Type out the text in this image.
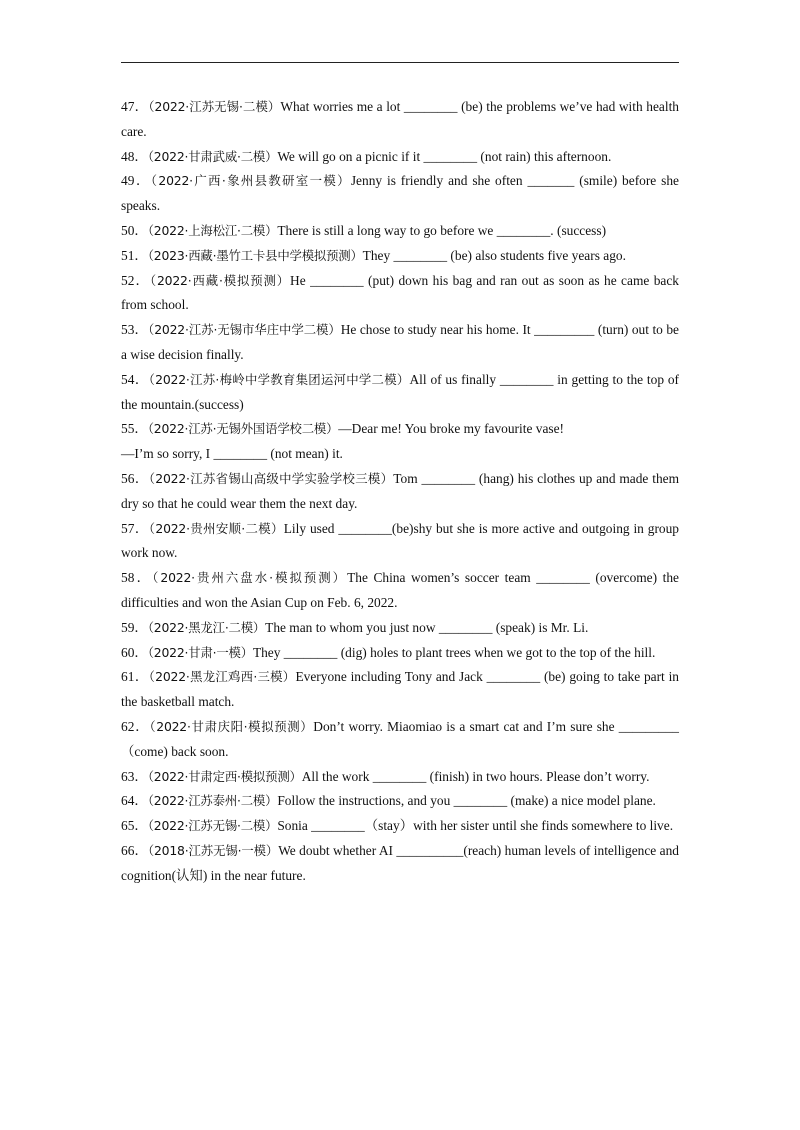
47．（2022·江苏无锡·二模）What worries me a lot ________ (be) the problems we’ve had with health care.

48．（2022·甘肃武威·二模）We will go on a picnic if it ________ (not rain) this afternoon.

49．（2022·广西·象州县教研室一模）Jenny is friendly and she often _______ (smile) before she speaks.

50．（2022·上海松江·二模）There is still a long way to go before we ________. (success)

51．（2023·西藏·墨竹工卡县中学模拟预测）They ________ (be) also students five years ago.

52．（2022·西藏·模拟预测）He ________ (put) down his bag and ran out as soon as he came back from school.

53．（2022·江苏·无锡市华庄中学二模）He chose to study near his home. It _________ (turn) out to be a wise decision finally.

54．（2022·江苏·梅岭中学教育集团运河中学二模）All of us finally ________ in getting to the top of the mountain.(success)

55．（2022·江苏·无锡外国语学校二模）—Dear me! You broke my favourite vase!
—I’m so sorry, I ________ (not mean) it.

56．（2022·江苏省锡山高级中学实验学校三模）Tom ________ (hang) his clothes up and made them dry so that he could wear them the next day.

57．（2022·贵州安顺·二模）Lily used ________(be)shy but she is more active and outgoing in group work now.

58．（2022·贵州六盘水·模拟预测）The China women’s soccer team ________ (overcome) the difficulties and won the Asian Cup on Feb. 6, 2022.

59．（2022·黑龙江·二模）The man to whom you just now ________ (speak) is Mr. Li.

60．（2022·甘肃·一模）They ________ (dig) holes to plant trees when we got to the top of the hill.

61．（2022·黑龙江鸡西·三模）Everyone including Tony and Jack ________ (be) going to take part in the basketball match.

62．（2022·甘肃庆阳·模拟预测）Don’t worry. Miaomiao is a smart cat and I’m sure she _________（come) back soon.

63．（2022·甘肃定西·模拟预测）All the work ________ (finish) in two hours. Please don’t worry.

64．（2022·江苏泰州·二模）Follow the instructions, and you ________ (make) a nice model plane.

65．（2022·江苏无锡·二模）Sonia ________（stay）with her sister until she finds somewhere to live.

66．（2018·江苏无锡·一模）We doubt whether AI __________(reach) human levels of intelligence and cognition(认知) in the near future.
